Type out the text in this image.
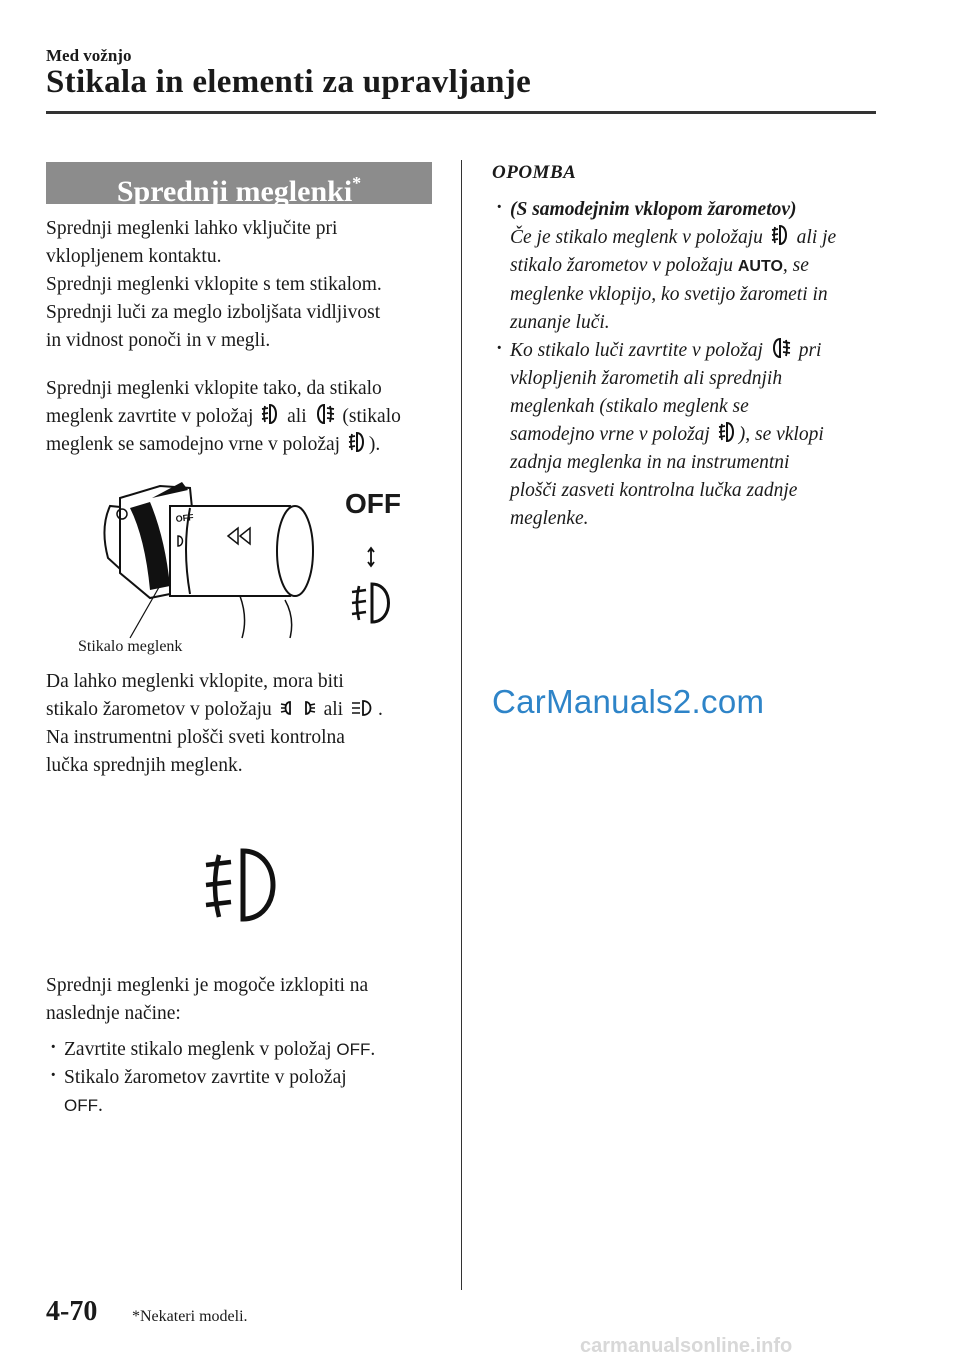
Med vožnjo
Stikala in elementi za upravljanje
Sprednji meglenki*

Sprednji meglenki lahko vključite pri

vklopljenem kontaktu.

Sprednji meglenki vklopite s tem stikalom.

Sprednji luči za meglo izboljšata vidljivost

in vidnost ponoči in v megli.

Sprednji meglenki vklopite tako, da stikalo

meglenk zavrtite v položaj ali (stikalo

meglenk se samodejno vrne v položaj ).

OFF
Stikalo meglenk
OFF

Da lahko meglenki vklopite, mora biti

stikalo žarometov v položaju	ali .

Na instrumentni plošči sveti kontrolna

lučka sprednjih meglenk.

Sprednji meglenki je mogoče izklopiti na

naslednje načine:

· Zavrtite stikalo meglenk v položaj OFF.
· Stikalo žarometov zavrtite v položaj
OFF.
OPOMBA
· (S samodejnim vklopom žarometov)
Če je stikalo meglenk v položaju ali je
stikalo žarometov v položaju AUTO, se
meglenke vklopijo, ko svetijo žarometi in
zunanje luči.
· Ko stikalo luči zavrtite v položaj pri
vklopljenih žarometih ali sprednjih
meglenkah (stikalo meglenk se
samodejno vrne v položaj ), se vklopi
zadnja meglenka in na instrumentni
plošči zasveti kontrolna lučka zadnje
meglenke.
CarManuals2.com
4-70 *Nekateri modeli.
carmanualsonline.info
